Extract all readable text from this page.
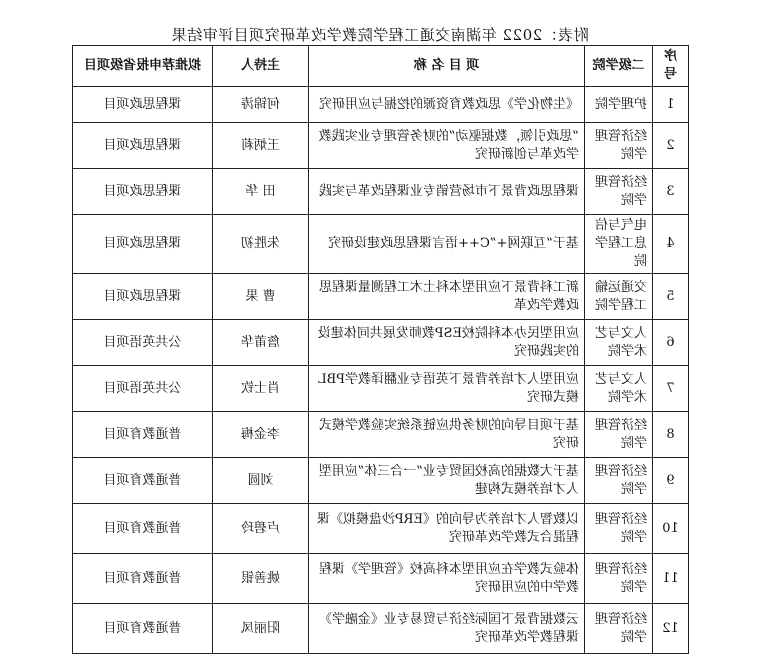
附表：2022 年湖南交通工程学院教学改革研究项目评审结果
序号	二级学院	项 目 名 称	主持人	拟推荐申报省级项目
1	护理学院	《生物化学》思政教育资源的挖掘与应用研究	何锦涛	课程思政项目
2	经济管理学院	“思政引领，数据驱动”的财务管理专业实践教学改革与创新研究	王炳莉	课程思政项目
3	经济管理学院	课程思政背景下市场营销专业课程改革与实践	田 华	课程思政项目
4	电气与信息工程学院	基于“互联网+”C++语言课程思政建设研究	朱胜初	课程思政项目
5	交通运输工程学院	新工科背景下应用型本科土木工程测量课程思政教学改革	曹 果	课程思政项目
6	人文与艺术学院	应用型民办本科院校ESP教师发展共同体建设的实践研究	詹莆华	公共英语项目
7	人文与艺术学院	应用型人才培养背景下英语专业翻译教学PBL模式研究	肖士钦	公共英语项目
8	经济管理学院	基于项目导向的财务供应链系统实验教学模式研究	李金梅	普通教育项目
9	经济管理学院	基于大数据的高校国贸专业“一合三体”应用型人才培养模式构建	刘圆	普通教育项目
10	经济管理学院	以数智人才培养为导向的《ERP沙盘模拟》课程混合式教学改革研究	卢碧玲	普通教育项目
11	经济管理学院	体验式教学在应用型本科高校《管理学》课程教学中的应用研究	姚善银	普通教育项目
12	经济管理学院	云数据背景下国际经济与贸易专业《金融学》课程教学改革研究	阳丽凤	普通教育项目
